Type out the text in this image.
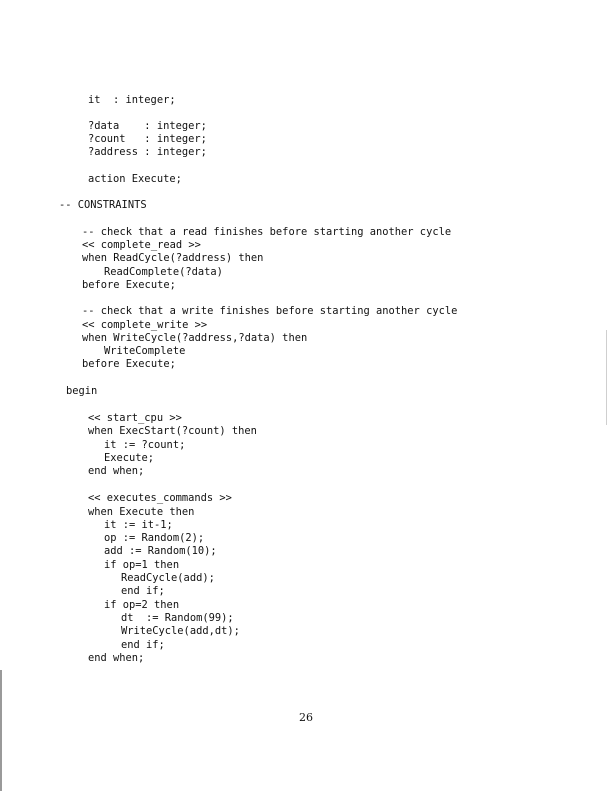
it  : integer;

?data    : integer;

?count   : integer;

?address : integer;

action Execute;

-- CONSTRAINTS

-- check that a read finishes before starting another cycle

<< complete_read >>

when ReadCycle(?address) then

ReadComplete(?data)

before Execute;

-- check that a write finishes before starting another cycle

<< complete_write >>

when WriteCycle(?address,?data) then

WriteComplete

before Execute;

begin

<< start_cpu >>

when ExecStart(?count) then

it := ?count;

Execute;

end when;

<< executes_commands >>

when Execute then

it := it-1;

op := Random(2);

add := Random(10);

if op=1 then

ReadCycle(add);

end if;

if op=2 then

dt  := Random(99);

WriteCycle(add,dt);

end if;

end when;

26
